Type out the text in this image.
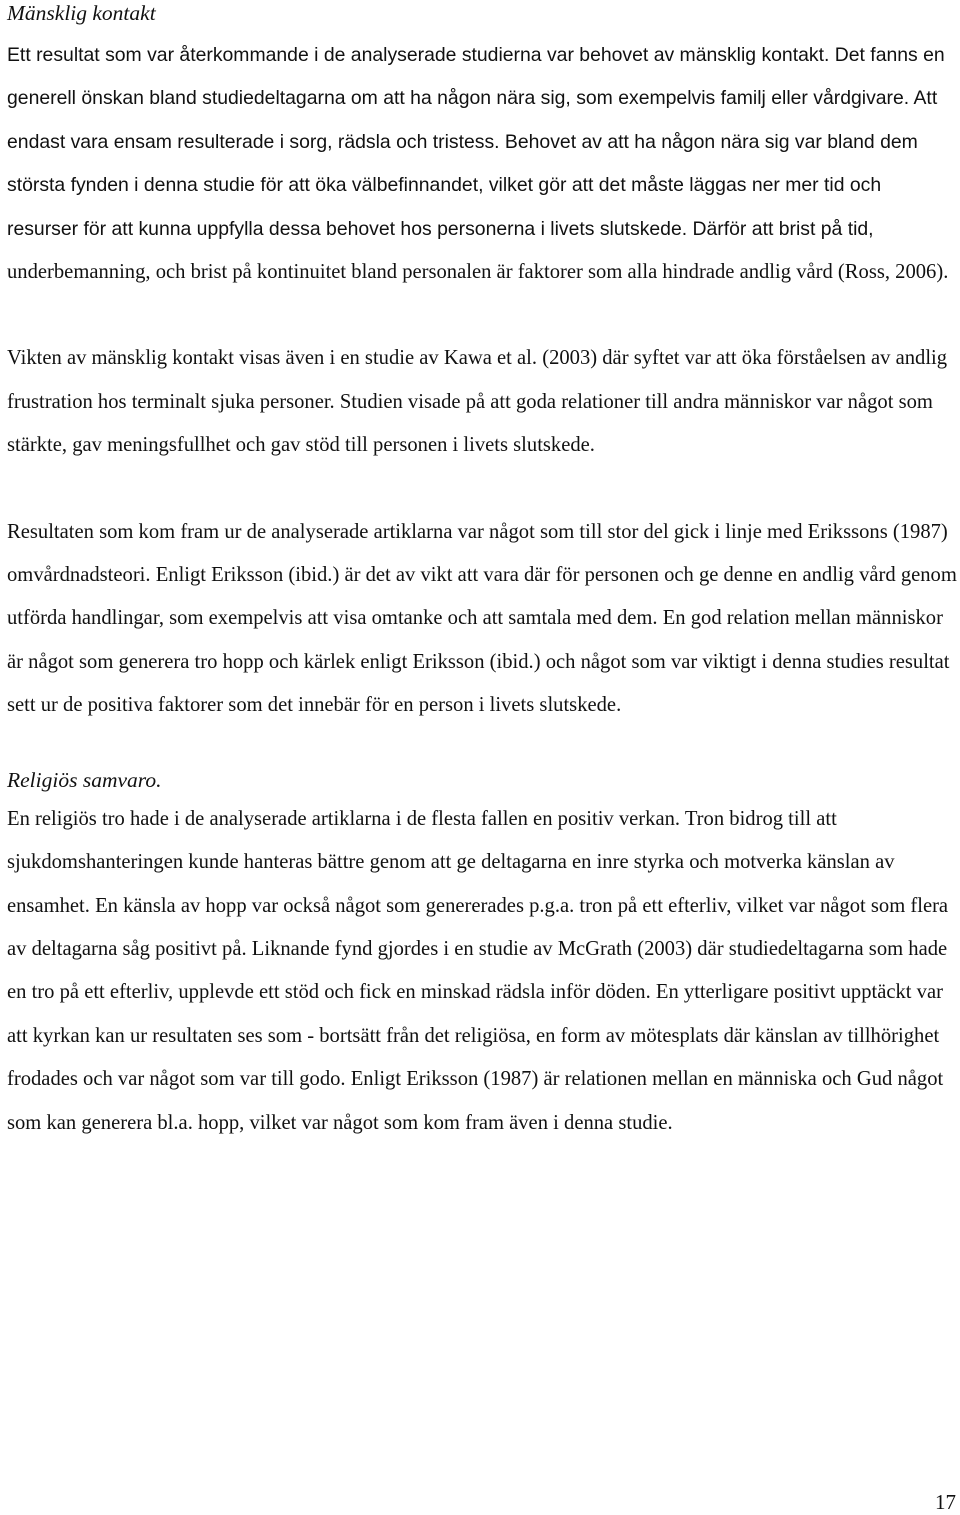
Mänsklig kontakt

Ett resultat som var återkommande i de analyserade studierna var behovet av mänsklig kontakt. Det fanns en generell önskan bland studiedeltagarna om att ha någon nära sig, som exempelvis familj eller vårdgivare. Att endast vara ensam resulterade i sorg, rädsla och tristess. Behovet av att ha någon nära sig var bland dem största fynden i denna studie för att öka välbefinnandet, vilket gör att det måste läggas ner mer tid och resurser för att kunna uppfylla dessa behovet hos personerna i livets slutskede. Därför att brist på tid, underbemanning, och brist på kontinuitet bland personalen är faktorer som alla hindrade andlig vård (Ross, 2006).

Vikten av mänsklig kontakt visas även i en studie av Kawa et al. (2003) där syftet var att öka förståelsen av andlig frustration hos terminalt sjuka personer. Studien visade på att goda relationer till andra människor var något som stärkte, gav meningsfullhet och gav stöd till personen i livets slutskede.

Resultaten som kom fram ur de analyserade artiklarna var något som till stor del gick i linje med Erikssons (1987) omvårdnadsteori. Enligt Eriksson (ibid.) är det av vikt att vara där för personen och ge denne en andlig vård genom utförda handlingar, som exempelvis att visa omtanke och att samtala med dem. En god relation mellan människor är något som generera tro hopp och kärlek enligt Eriksson (ibid.) och något som var viktigt i denna studies resultat sett ur de positiva faktorer som det innebär för en person i livets slutskede.

Religiös samvaro.

En religiös tro hade i de analyserade artiklarna i de flesta fallen en positiv verkan. Tron bidrog till att sjukdomshanteringen kunde hanteras bättre genom att ge deltagarna en inre styrka och motverka känslan av ensamhet. En känsla av hopp var också något som genererades p.g.a. tron på ett efterliv, vilket var något som flera av deltagarna såg positivt på. Liknande fynd gjordes i en studie av McGrath (2003) där studiedeltagarna som hade en tro på ett efterliv, upplevde ett stöd och fick en minskad rädsla inför döden. En ytterligare positivt upptäckt var att kyrkan kan ur resultaten ses som - bortsätt från det religiösa, en form av mötesplats där känslan av tillhörighet frodades och var något som var till godo. Enligt Eriksson (1987) är relationen mellan en människa och Gud något som kan generera bl.a. hopp, vilket var något som kom fram även i denna studie.

17
